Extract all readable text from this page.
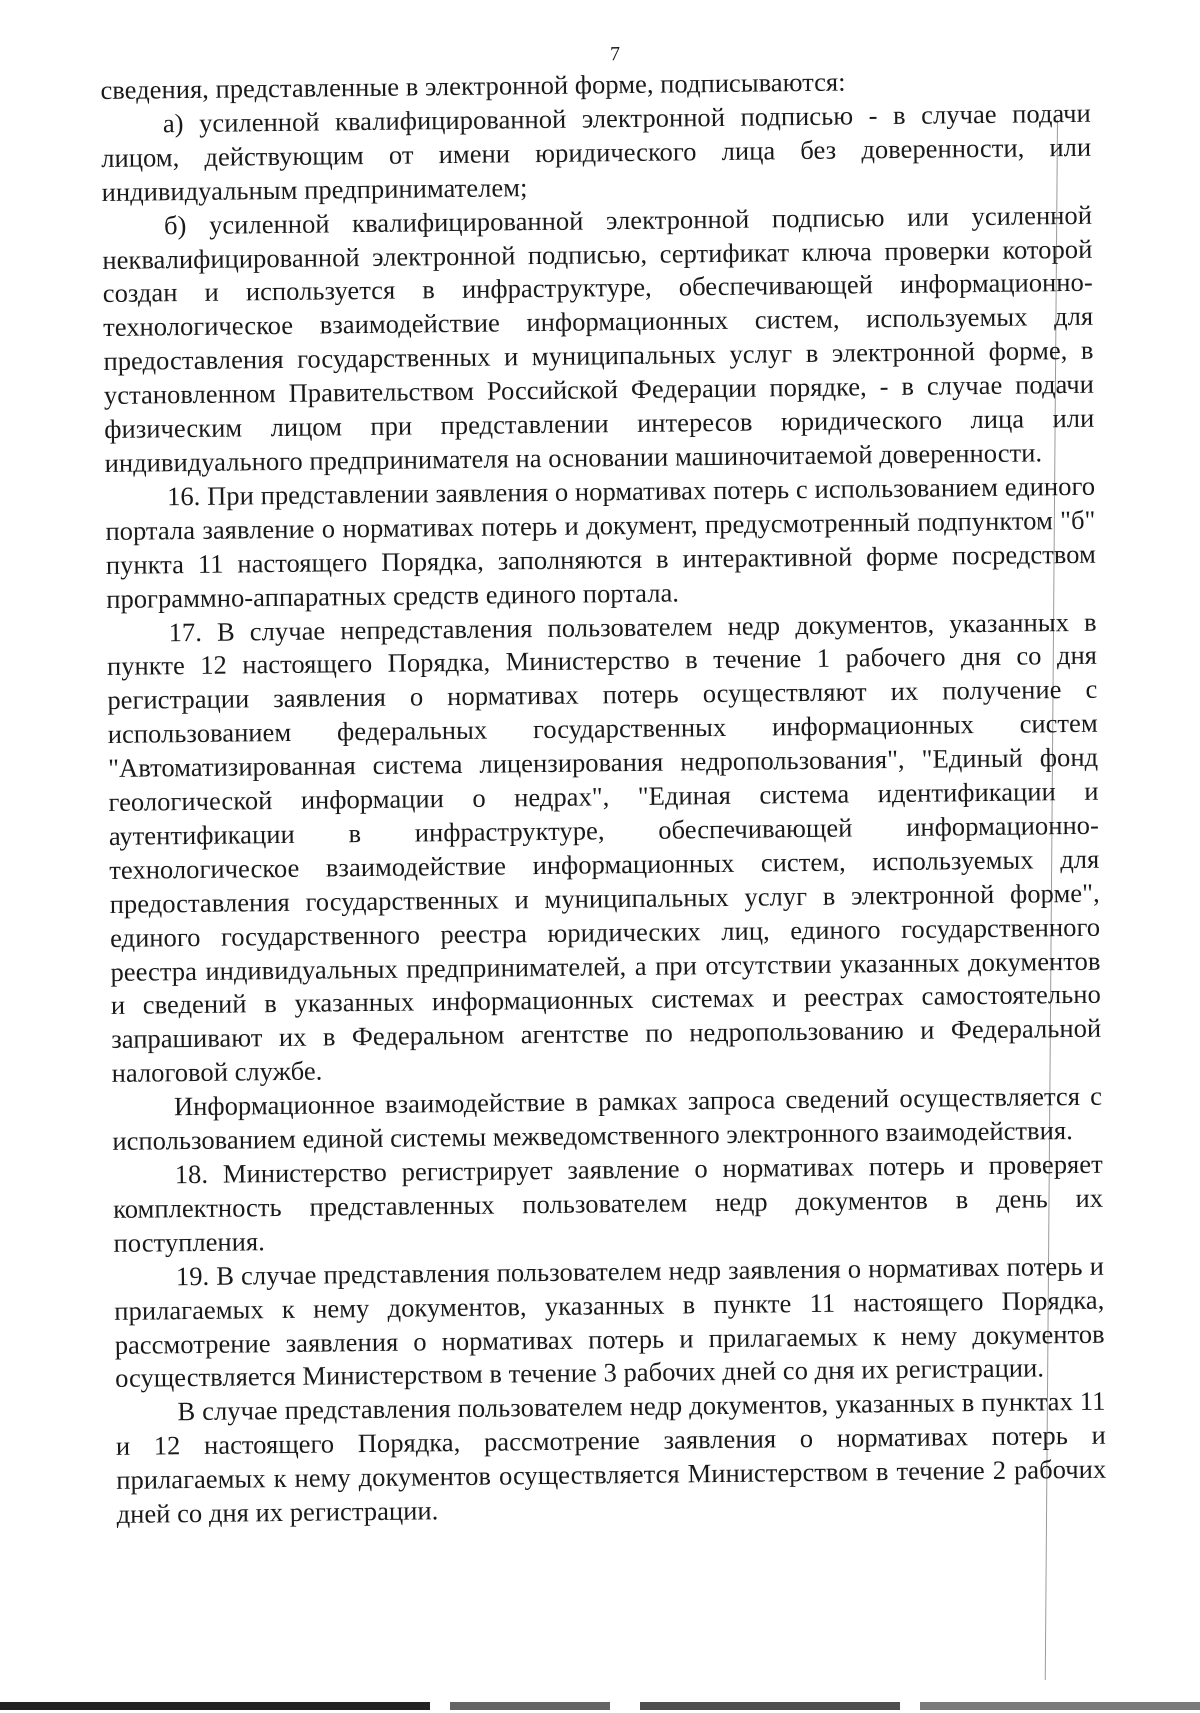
7

сведения, представленные в электронной форме, подписываются:

а) усиленной квалифицированной электронной подписью - в случае подачи лицом, действующим от имени юридического лица без доверенности, или индивидуальным предпринимателем;

б) усиленной квалифицированной электронной подписью или усиленной неквалифицированной электронной подписью, сертификат ключа проверки которой создан и используется в инфраструктуре, обеспечивающей информационно-технологическое взаимодействие информационных систем, используемых для предоставления государственных и муниципальных услуг в электронной форме, в установленном Правительством Российской Федерации порядке, - в случае подачи физическим лицом при представлении интересов юридического лица или индивидуального предпринимателя на основании машиночитаемой доверенности.

16. При представлении заявления о нормативах потерь с использованием единого портала заявление о нормативах потерь и документ, предусмотренный подпунктом "б" пункта 11 настоящего Порядка, заполняются в интерактивной форме посредством программно-аппаратных средств единого портала.

17. В случае непредставления пользователем недр документов, указанных в пункте 12 настоящего Порядка, Министерство в течение 1 рабочего дня со дня регистрации заявления о нормативах потерь осуществляют их получение с использованием федеральных государственных информационных систем "Автоматизированная система лицензирования недропользования", "Единый фонд геологической информации о недрах", "Единая система идентификации и аутентификации в инфраструктуре, обеспечивающей информационно-технологическое взаимодействие информационных систем, используемых для предоставления государственных и муниципальных услуг в электронной форме", единого государственного реестра юридических лиц, единого государственного реестра индивидуальных предпринимателей, а при отсутствии указанных документов и сведений в указанных информационных системах и реестрах самостоятельно запрашивают их в Федеральном агентстве по недропользованию и Федеральной налоговой службе.

Информационное взаимодействие в рамках запроса сведений осуществляется с использованием единой системы межведомственного электронного взаимодействия.

18. Министерство регистрирует заявление о нормативах потерь и проверяет комплектность представленных пользователем недр документов в день их поступления.

19. В случае представления пользователем недр заявления о нормативах потерь и прилагаемых к нему документов, указанных в пункте 11 настоящего Порядка, рассмотрение заявления о нормативах потерь и прилагаемых к нему документов осуществляется Министерством в течение 3 рабочих дней со дня их регистрации.

В случае представления пользователем недр документов, указанных в пунктах 11 и 12 настоящего Порядка, рассмотрение заявления о нормативах потерь и прилагаемых к нему документов осуществляется Министерством в течение 2 рабочих дней со дня их регистрации.
